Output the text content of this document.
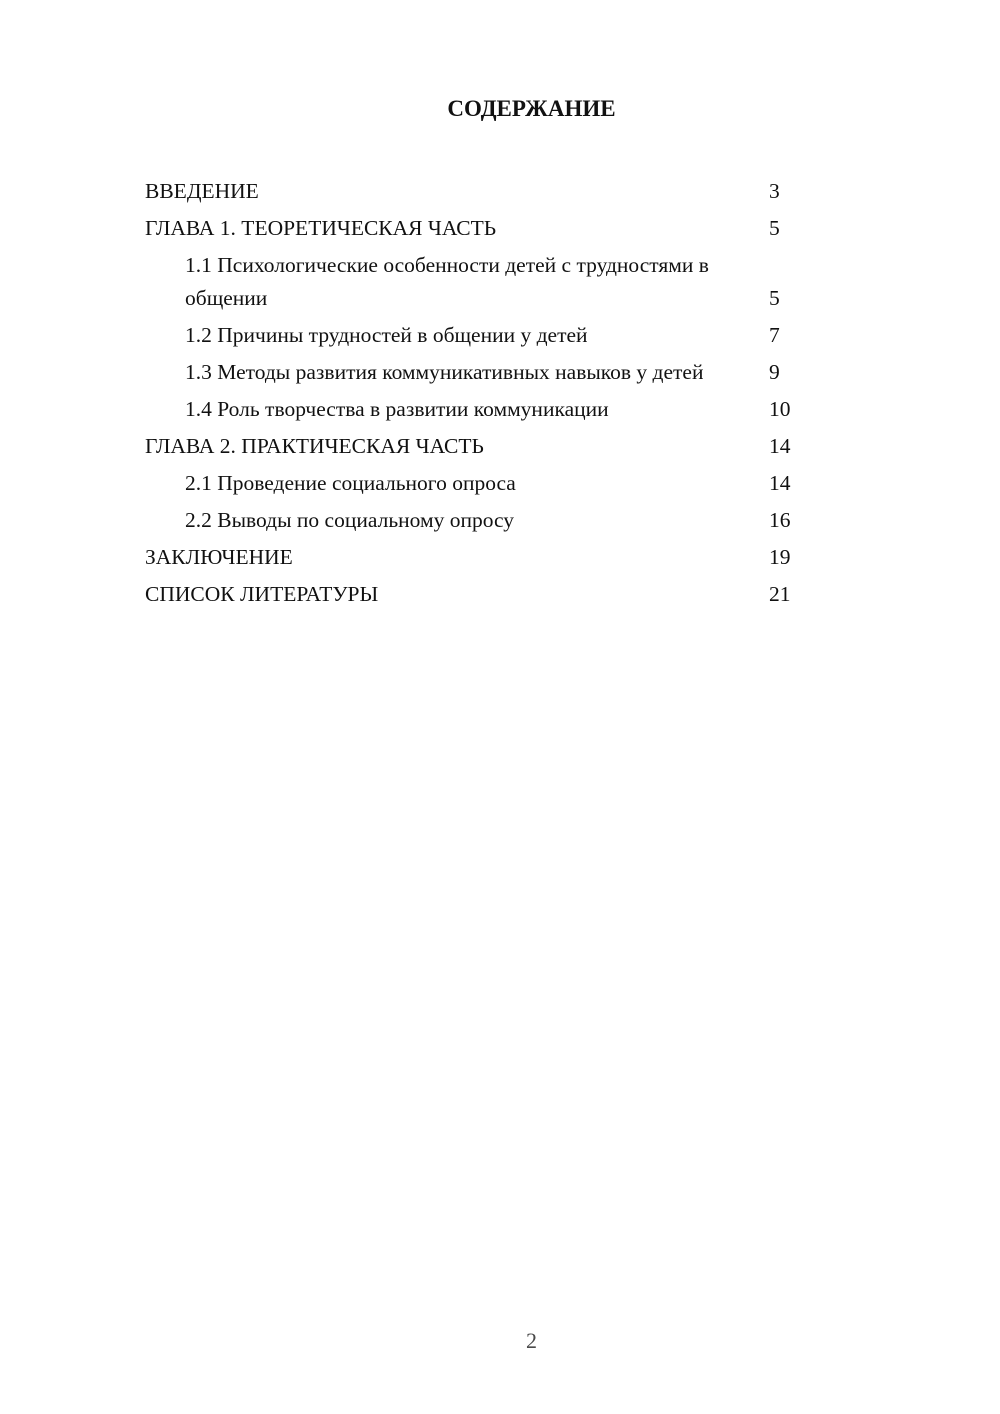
СОДЕРЖАНИЕ
ВВЕДЕНИЕ	3
ГЛАВА 1. ТЕОРЕТИЧЕСКАЯ ЧАСТЬ	5
1.1 Психологические особенности детей с трудностями в общении	5
1.2 Причины трудностей в общении у детей	7
1.3 Методы развития коммуникативных навыков у детей	9
1.4 Роль творчества в развитии коммуникации	10
ГЛАВА 2. ПРАКТИЧЕСКАЯ ЧАСТЬ	14
2.1 Проведение социального опроса	14
2.2 Выводы по социальному опросу	16
ЗАКЛЮЧЕНИЕ	19
СПИСОК ЛИТЕРАТУРЫ	21
2
